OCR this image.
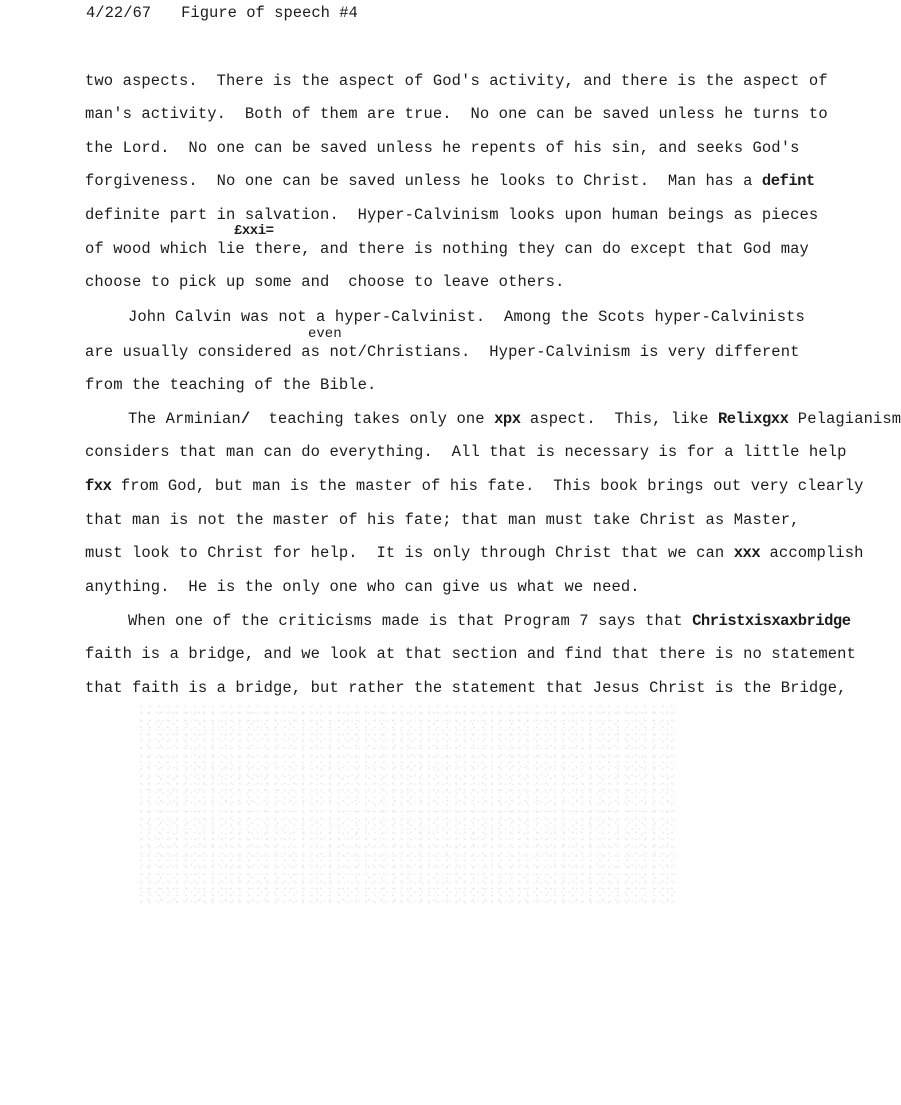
4/22/67 Figure of speech #4
two aspects.  There is the aspect of God's activity, and there is the aspect of
man's activity.  Both of them are true.  No one can be saved unless he turns to
the Lord.  No one can be saved unless he repents of his sin, and seeks God's
forgiveness.  No one can be saved unless he looks to Christ.  Man has a defint
definite part in salvation.  Hyper-Calvinism looks upon human beings as pieces
£xxi=
of wood which lie there, and there is nothing they can do except that God may
choose to pick up some and  choose to leave others.
John Calvin was not a hyper-Calvinist.  Among the Scots hyper-Calvinists
even
are usually considered as not/Christians.  Hyper-Calvinism is very different
from the teaching of the Bible.
The Arminian/ teaching takes only one xpx aspect.  This, like Relixgxx Pelagianism
considers that man can do everything.  All that is necessary is for a little help
fxx from God, but man is the master of his fate.  This book brings out very clearly
that man is not the master of his fate; that man must take Christ as Master,
must look to Christ for help.  It is only through Christ that we can xxx accomplish
anything.  He is the only one who can give us what we need.
When one of the criticisms made is that Program 7 says that Christxisxaxbridge
faith is a bridge, and we look at that section and find that there is no statement
that faith is a bridge, but rather the statement that Jesus Christ is the Bridge,
